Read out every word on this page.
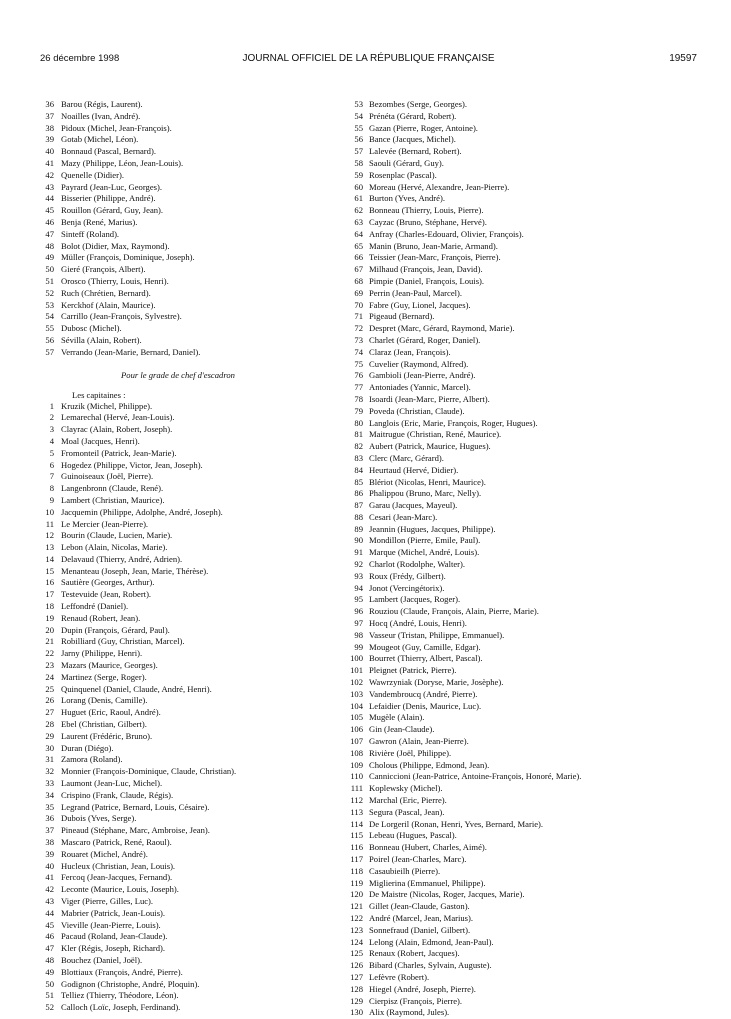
26 décembre 1998	JOURNAL OFFICIEL DE LA RÉPUBLIQUE FRANÇAISE	19597
36 Barou (Régis, Laurent).
37 Noailles (Ivan, André).
38 Pidoux (Michel, Jean-François).
39 Gotab (Michel, Léon).
40 Bonnaud (Pascal, Bernard).
41 Mazy (Philippe, Léon, Jean-Louis).
42 Quenelle (Didier).
43 Payrard (Jean-Luc, Georges).
44 Bisserier (Philippe, André).
45 Rouillon (Gérard, Guy, Jean).
46 Benja (René, Marius).
47 Sinteff (Roland).
48 Bolot (Didier, Max, Raymond).
49 Müller (François, Dominique, Joseph).
50 Gieré (François, Albert).
51 Orosco (Thierry, Louis, Henri).
52 Ruch (Chrétien, Bernard).
53 Kerckhof (Alain, Maurice).
54 Carrillo (Jean-François, Sylvestre).
55 Dubosc (Michel).
56 Sévilla (Alain, Robert).
57 Verrando (Jean-Marie, Bernard, Daniel).
Pour le grade de chef d'escadron
Les capitaines :
1 Kruzik (Michel, Philippe).
2 Lemarechal (Hervé, Jean-Louis).
3 Clayrac (Alain, Robert, Joseph).
4 Moal (Jacques, Henri).
5 Fromonteil (Patrick, Jean-Marie).
6 Hogedez (Philippe, Victor, Jean, Joseph).
7 Guinoiseaux (Joël, Pierre).
8 Langenbronn (Claude, René).
9 Lambert (Christian, Maurice).
10 Jacquemin (Philippe, Adolphe, André, Joseph).
11 Le Mercier (Jean-Pierre).
12 Bourin (Claude, Lucien, Marie).
13 Lebon (Alain, Nicolas, Marie).
14 Delavaud (Thierry, André, Adrien).
15 Menanteau (Joseph, Jean, Marie, Thérèse).
16 Sautière (Georges, Arthur).
17 Testevuide (Jean, Robert).
18 Leffondré (Daniel).
19 Renaud (Robert, Jean).
20 Dupin (François, Gérard, Paul).
21 Robilliard (Guy, Christian, Marcel).
22 Jarny (Philippe, Henri).
23 Mazars (Maurice, Georges).
24 Martinez (Serge, Roger).
25 Quinquenel (Daniel, Claude, André, Henri).
26 Lorang (Denis, Camille).
27 Huguet (Eric, Raoul, André).
28 Ebel (Christian, Gilbert).
29 Laurent (Frédéric, Bruno).
30 Duran (Diégo).
31 Zamora (Roland).
32 Monnier (François-Dominique, Claude, Christian).
33 Laumont (Jean-Luc, Michel).
34 Crispino (Frank, Claude, Régis).
35 Legrand (Patrice, Bernard, Louis, Césaire).
36 Dubois (Yves, Serge).
37 Pineaud (Stéphane, Marc, Ambroise, Jean).
38 Mascaro (Patrick, René, Raoul).
39 Rouaret (Michel, André).
40 Hucleux (Christian, Jean, Louis).
41 Fercoq (Jean-Jacques, Fernand).
42 Leconte (Maurice, Louis, Joseph).
43 Viger (Pierre, Gilles, Luc).
44 Mabrier (Patrick, Jean-Louis).
45 Vieville (Jean-Pierre, Louis).
46 Pacaud (Roland, Jean-Claude).
47 Kler (Régis, Joseph, Richard).
48 Bouchez (Daniel, Joël).
49 Blottiaux (François, André, Pierre).
50 Godignon (Christophe, André, Ploquin).
51 Telliez (Thierry, Théodore, Léon).
52 Calloch (Loïc, Joseph, Ferdinand).
53 Bezombes (Serge, Georges).
54 Prénéta (Gérard, Robert).
55 Gazan (Pierre, Roger, Antoine).
56 Bance (Jacques, Michel).
57 Lalevée (Bernard, Robert).
58 Saouli (Gérard, Guy).
59 Rosenplac (Pascal).
60 Moreau (Hervé, Alexandre, Jean-Pierre).
61 Burton (Yves, André).
62 Bonneau (Thierry, Louis, Pierre).
63 Cayzac (Bruno, Stéphane, Hervé).
64 Anfray (Charles-Edouard, Olivier, François).
65 Manin (Bruno, Jean-Marie, Armand).
66 Teissier (Jean-Marc, François, Pierre).
67 Milhaud (François, Jean, David).
68 Pimpie (Daniel, François, Louis).
69 Perrin (Jean-Paul, Marcel).
70 Fabre (Guy, Lionel, Jacques).
71 Pigeaud (Bernard).
72 Despret (Marc, Gérard, Raymond, Marie).
73 Charlet (Gérard, Roger, Daniel).
74 Claraz (Jean, François).
75 Cuvelier (Raymond, Alfred).
76 Gambioli (Jean-Pierre, André).
77 Antoniades (Yannic, Marcel).
78 Isoardi (Jean-Marc, Pierre, Albert).
79 Poveda (Christian, Claude).
80 Langlois (Eric, Marie, François, Roger, Hugues).
81 Maitrugue (Christian, René, Maurice).
82 Aubert (Patrick, Maurice, Hugues).
83 Clerc (Marc, Gérard).
84 Heurtaud (Hervé, Didier).
85 Blériot (Nicolas, Henri, Maurice).
86 Phalippou (Bruno, Marc, Nelly).
87 Garau (Jacques, Mayeul).
88 Cesari (Jean-Marc).
89 Jeannin (Hugues, Jacques, Philippe).
90 Mondillon (Pierre, Emile, Paul).
91 Marque (Michel, André, Louis).
92 Charlot (Rodolphe, Walter).
93 Roux (Frédy, Gilbert).
94 Jonot (Vercingétorix).
95 Lambert (Jacques, Roger).
96 Rouziou (Claude, François, Alain, Pierre, Marie).
97 Hocq (André, Louis, Henri).
98 Vasseur (Tristan, Philippe, Emmanuel).
99 Mougeot (Guy, Camille, Edgar).
100 Bourret (Thierry, Albert, Pascal).
101 Pleignet (Patrick, Pierre).
102 Wawrzyniak (Doryse, Marie, Josèphe).
103 Vandembroucq (André, Pierre).
104 Lefaidier (Denis, Maurice, Luc).
105 Mugèle (Alain).
106 Gin (Jean-Claude).
107 Gawron (Alain, Jean-Pierre).
108 Rivière (Joël, Philippe).
109 Cholous (Philippe, Edmond, Jean).
110 Canniccioni (Jean-Patrice, Antoine-François, Honoré, Marie).
111 Koplewsky (Michel).
112 Marchal (Eric, Pierre).
113 Segura (Pascal, Jean).
114 De Lorgeril (Ronan, Henri, Yves, Bernard, Marie).
115 Lebeau (Hugues, Pascal).
116 Bonneau (Hubert, Charles, Aimé).
117 Poirel (Jean-Charles, Marc).
118 Casaubieilh (Pierre).
119 Miglierina (Emmanuel, Philippe).
120 De Maistre (Nicolas, Roger, Jacques, Marie).
121 Gillet (Jean-Claude, Gaston).
122 André (Marcel, Jean, Marius).
123 Sonnefraud (Daniel, Gilbert).
124 Lelong (Alain, Edmond, Jean-Paul).
125 Renaux (Robert, Jacques).
126 Bibard (Charles, Sylvain, Auguste).
127 Lefèvre (Robert).
128 Hiegel (André, Joseph, Pierre).
129 Cierpisz (François, Pierre).
130 Alix (Raymond, Jules).
